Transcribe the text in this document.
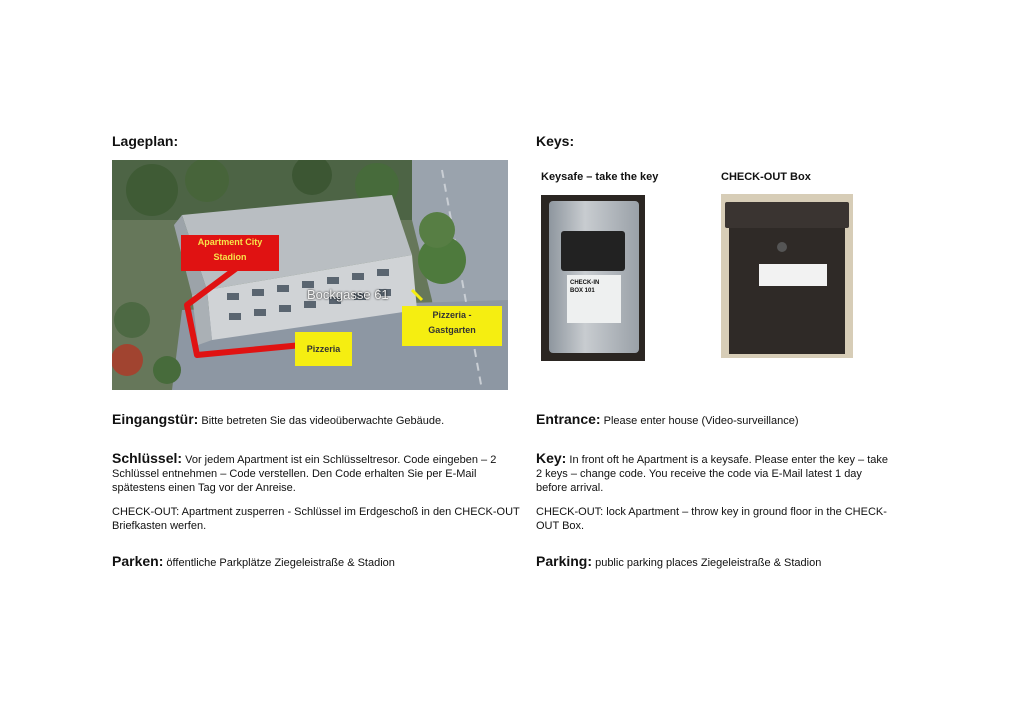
Lageplan:
Apartment City
Stadion
Bockgasse 61
Pizzeria
Pizzeria -
Gastgarten
Eingangstür: Bitte betreten Sie das videoüberwachte Gebäude.
Schlüssel: Vor jedem Apartment ist ein Schlüsseltresor. Code eingeben – 2 Schlüssel entnehmen – Code verstellen. Den Code erhalten Sie per E-Mail spätestens einen Tag vor der Anreise.
CHECK-OUT: Apartment zusperren - Schlüssel im Erdgeschoß in den CHECK-OUT Briefkasten werfen.
Parken: öffentliche Parkplätze Ziegeleistraße & Stadion
Keys:
Keysafe – take the key	CHECK-OUT Box
CHECK-IN
BOX 101
Entrance: Please enter house (Video-surveillance)
Key: In front oft he Apartment is a keysafe. Please enter the key – take 2 keys – change code. You receive the code via E-Mail latest 1 day before arrival.
CHECK-OUT: lock Apartment – throw key in ground floor in the CHECK-OUT Box.
Parking: public parking places Ziegeleistraße & Stadion
